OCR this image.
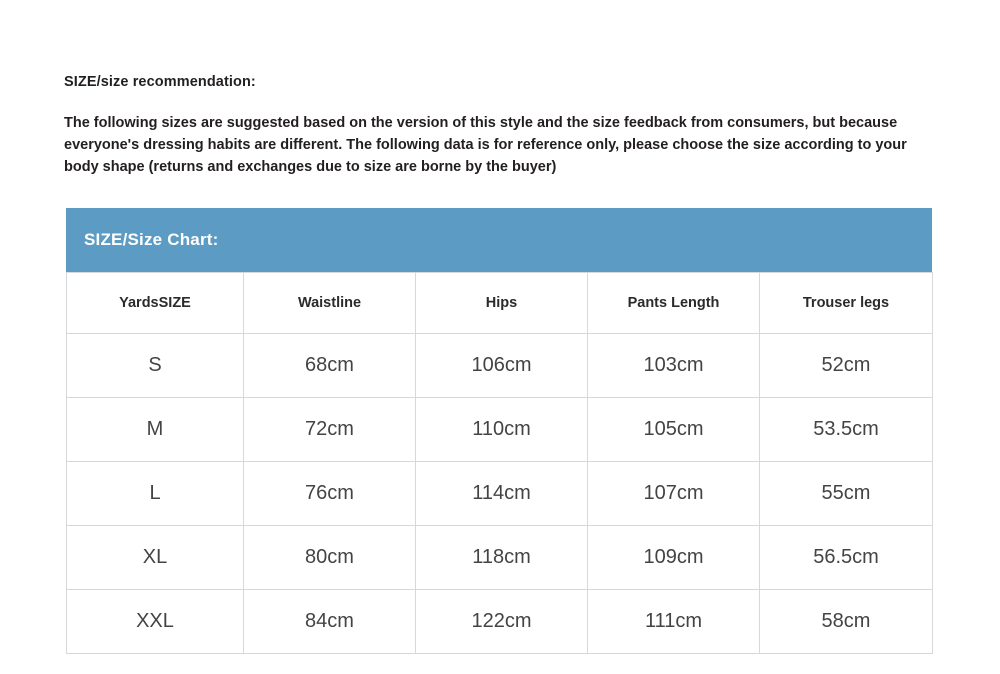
SIZE/size recommendation:

The following sizes are suggested based on the version of this style and the size feedback from consumers, but because everyone's dressing habits are different. The following data is for reference only, please choose the size according to your body shape (returns and exchanges due to size are borne by the buyer)

SIZE/Size Chart:
YardsSIZE	Waistline	Hips	Pants Length	Trouser legs
S	68cm	106cm	103cm	52cm
M	72cm	110cm	105cm	53.5cm
L	76cm	114cm	107cm	55cm
XL	80cm	118cm	109cm	56.5cm
XXL	84cm	122cm	111cm	58cm
